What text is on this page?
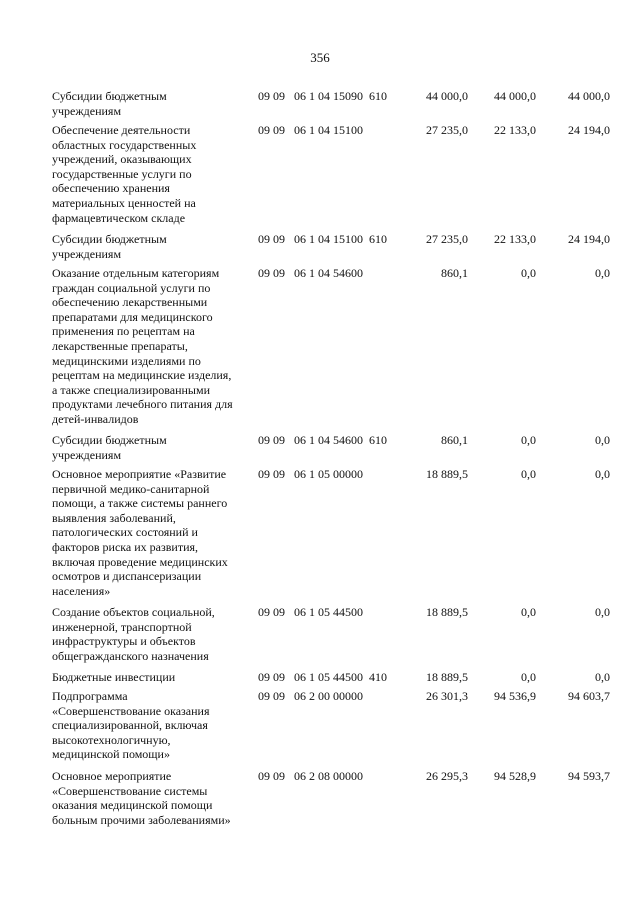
356
Субсидии бюджетным
учреждениям
09 09   06 1 04 15090  610	44 000,0	44 000,0	44 000,0
Обеспечение деятельности
областных государственных
учреждений, оказывающих
государственные услуги по
обеспечению хранения
материальных ценностей на
фармацевтическом складе
09 09   06 1 04 15100	27 235,0	22 133,0	24 194,0
Субсидии бюджетным
учреждениям
09 09   06 1 04 15100  610	27 235,0	22 133,0	24 194,0
Оказание отдельным категориям
граждан социальной услуги по
обеспечению лекарственными
препаратами для медицинского
применения по рецептам на
лекарственные препараты,
медицинскими изделиями по
рецептам на медицинские изделия,
а также специализированными
продуктами лечебного питания для
детей-инвалидов
09 09   06 1 04 54600	860,1	0,0	0,0
Субсидии бюджетным
учреждениям
09 09   06 1 04 54600  610	860,1	0,0	0,0
Основное мероприятие «Развитие
первичной медико-санитарной
помощи, а также системы раннего
выявления заболеваний,
патологических состояний и
факторов риска их развития,
включая проведение медицинских
осмотров и диспансеризации
населения»
09 09   06 1 05 00000	18 889,5	0,0	0,0
Создание объектов социальной,
инженерной, транспортной
инфраструктуры и объектов
общегражданского назначения
09 09   06 1 05 44500	18 889,5	0,0	0,0
Бюджетные инвестиции	09 09   06 1 05 44500  410	18 889,5	0,0	0,0
Подпрограмма
«Совершенствование оказания
специализированной, включая
высокотехнологичную,
медицинской помощи»
09 09   06 2 00 00000	26 301,3	94 536,9	94 603,7
Основное мероприятие
«Совершенствование системы
оказания медицинской помощи
больным прочими заболеваниями»
09 09   06 2 08 00000	26 295,3	94 528,9	94 593,7
